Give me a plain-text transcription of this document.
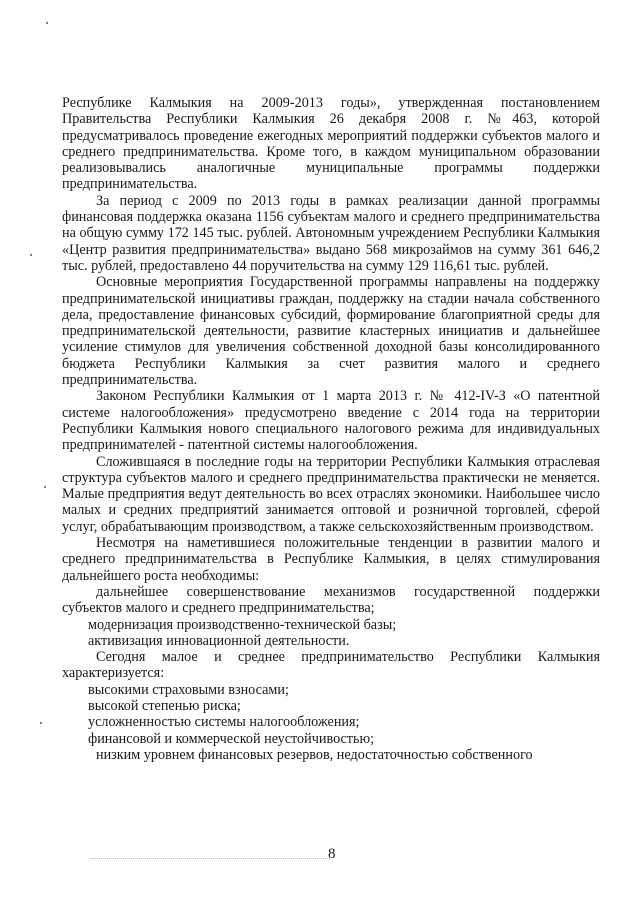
Республике Калмыкия на 2009-2013 годы», утвержденная постановлением Правительства Республики Калмыкия 26 декабря 2008 г. №463, которой предусматривалось проведение ежегодных мероприятий поддержки субъектов малого и среднего предпринимательства. Кроме того, в каждом муниципальном образовании реализовывались аналогичные муниципальные программы поддержки предпринимательства.

За период с 2009 по 2013 годы в рамках реализации данной программы финансовая поддержка оказана 1156 субъектам малого и среднего предпринимательства на общую сумму 172 145 тыс. рублей. Автономным учреждением Республики Калмыкия «Центр развития предпринимательства» выдано 568 микрозаймов на сумму 361 646,2 тыс. рублей, предоставлено 44 поручительства на сумму 129 116,61 тыс. рублей.

Основные мероприятия Государственной программы направлены на поддержку предпринимательской инициативы граждан, поддержку на стадии начала собственного дела, предоставление финансовых субсидий, формирование благоприятной среды для предпринимательской деятельности, развитие кластерных инициатив и дальнейшее усиление стимулов для увеличения собственной доходной базы консолидированного бюджета Республики Калмыкия за счет развития малого и среднего предпринимательства.

Законом Республики Калмыкия от 1 марта 2013 г. № 412-IV-З «О патентной системе налогообложения» предусмотрено введение с 2014 года на территории Республики Калмыкия нового специального налогового режима для индивидуальных предпринимателей - патентной системы налогообложения.

Сложившаяся в последние годы на территории Республики Калмыкия отраслевая структура субъектов малого и среднего предпринимательства практически не меняется. Малые предприятия ведут деятельность во всех отраслях экономики. Наибольшее число малых и средних предприятий занимается оптовой и розничной торговлей, сферой услуг, обрабатывающим производством, а также сельскохозяйственным производством.

Несмотря на наметившиеся положительные тенденции в развитии малого и среднего предпринимательства в Республике Калмыкия, в целях стимулирования дальнейшего роста необходимы:

дальнейшее совершенствование механизмов государственной поддержки субъектов малого и среднего предпринимательства;

модернизация производственно-технической базы;

активизация инновационной деятельности.

Сегодня малое и среднее предпринимательство Республики Калмыкия характеризуется:

высокими страховыми взносами;

высокой степенью риска;

усложненностью системы налогообложения;

финансовой и коммерческой неустойчивостью;

низким уровнем финансовых резервов, недостаточностью собственного

8
